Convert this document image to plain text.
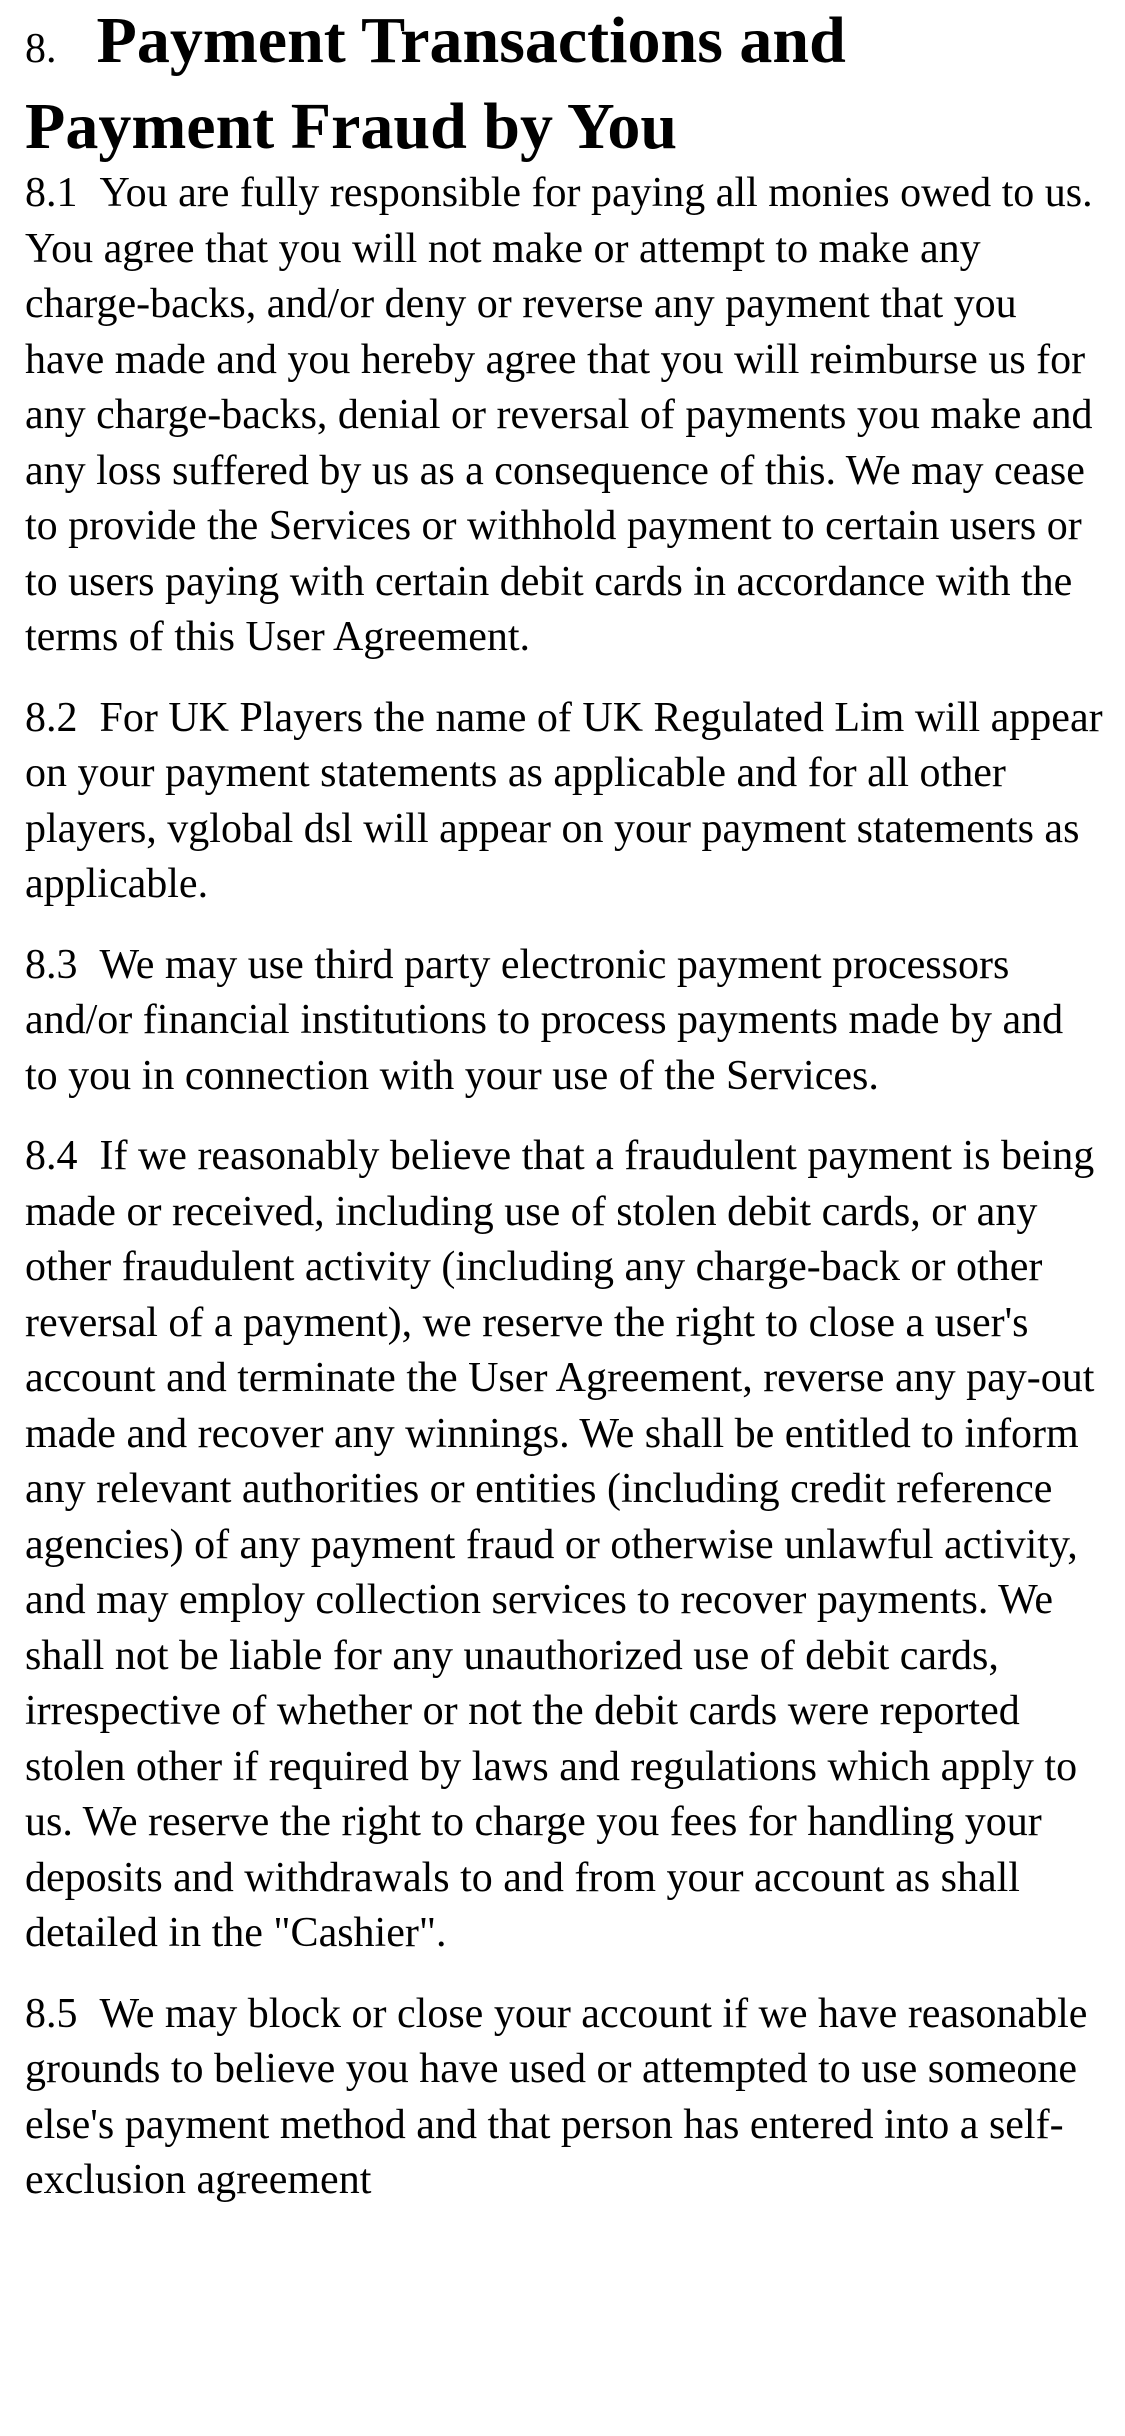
8. Payment Transactions and Payment Fraud by You

8.1 You are fully responsible for paying all monies owed to us. You agree that you will not make or attempt to make any charge-backs, and/or deny or reverse any payment that you have made and you hereby agree that you will reimburse us for any charge-backs, denial or reversal of payments you make and any loss suffered by us as a consequence of this. We may cease to provide the Services or withhold payment to certain users or to users paying with certain debit cards in accordance with the terms of this User Agreement.

8.2 For UK Players the name of UK Regulated Lim will appear on your payment statements as applicable and for all other players, vglobal dsl will appear on your payment statements as applicable.

8.3 We may use third party electronic payment processors and/or financial institutions to process payments made by and to you in connection with your use of the Services.

8.4 If we reasonably believe that a fraudulent payment is being made or received, including use of stolen debit cards, or any other fraudulent activity (including any charge-back or other reversal of a payment), we reserve the right to close a user's account and terminate the User Agreement, reverse any pay-out made and recover any winnings. We shall be entitled to inform any relevant authorities or entities (including credit reference agencies) of any payment fraud or otherwise unlawful activity, and may employ collection services to recover payments. We shall not be liable for any unauthorized use of debit cards, irrespective of whether or not the debit cards were reported stolen other if required by laws and regulations which apply to us. We reserve the right to charge you fees for handling your deposits and withdrawals to and from your account as shall detailed in the "Cashier".

8.5 We may block or close your account if we have reasonable grounds to believe you have used or attempted to use someone else's payment method and that person has entered into a self-exclusion agreement
